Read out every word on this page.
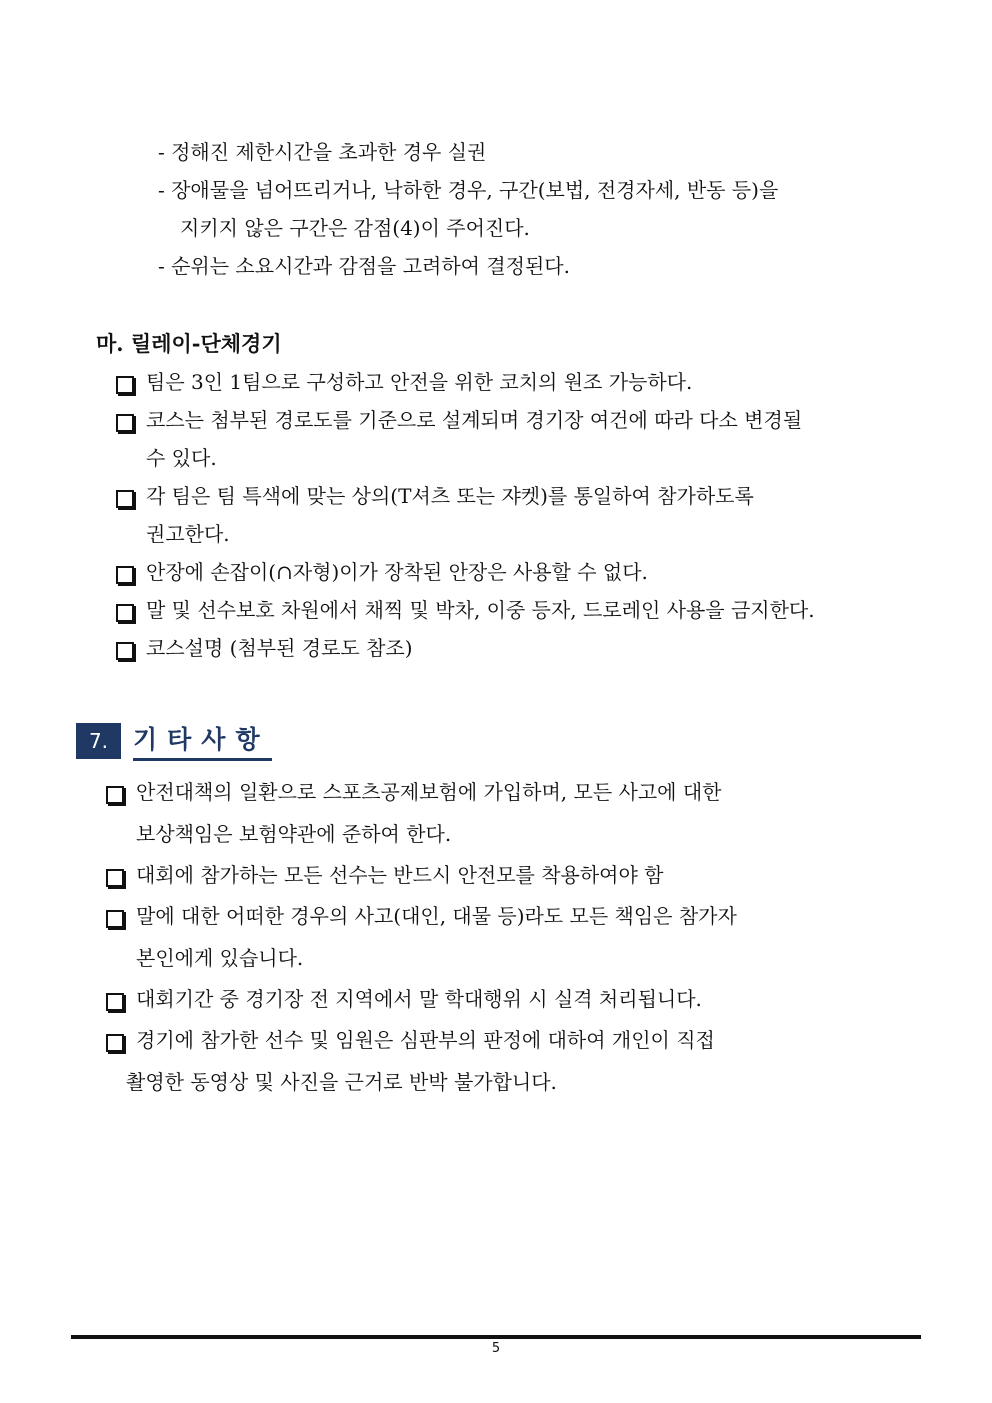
- 정해진 제한시간을 초과한 경우 실권
- 장애물을 넘어뜨리거나, 낙하한 경우, 구간(보법, 전경자세, 반동 등)을
지키지 않은 구간은 감점(4)이 주어진다.
- 순위는 소요시간과 감점을 고려하여 결정된다.
마. 릴레이-단체경기
팀은 3인 1팀으로 구성하고 안전을 위한 코치의 원조 가능하다.
코스는 첨부된 경로도를 기준으로 설계되며 경기장 여건에 따라 다소 변경될
수 있다.
각 팀은 팀 특색에 맞는 상의(T셔츠 또는 쟈켓)를 통일하여 참가하도록
권고한다.
안장에 손잡이(∩자형)이가 장착된 안장은 사용할 수 없다.
말 및 선수보호 차원에서 채찍 및 박차, 이중 등자, 드로레인 사용을 금지한다.
코스설명 (첨부된 경로도 참조)
7. 기타사항
안전대책의 일환으로 스포츠공제보험에 가입하며, 모든 사고에 대한
보상책임은 보험약관에 준하여 한다.
대회에 참가하는 모든 선수는 반드시 안전모를 착용하여야 함
말에 대한 어떠한 경우의 사고(대인, 대물 등)라도 모든 책임은 참가자
본인에게 있습니다.
대회기간 중 경기장 전 지역에서 말 학대행위 시 실격 처리됩니다.
경기에 참가한 선수 및 임원은 심판부의 판정에 대하여 개인이 직접
촬영한 동영상 및 사진을 근거로 반박 불가합니다.
5
